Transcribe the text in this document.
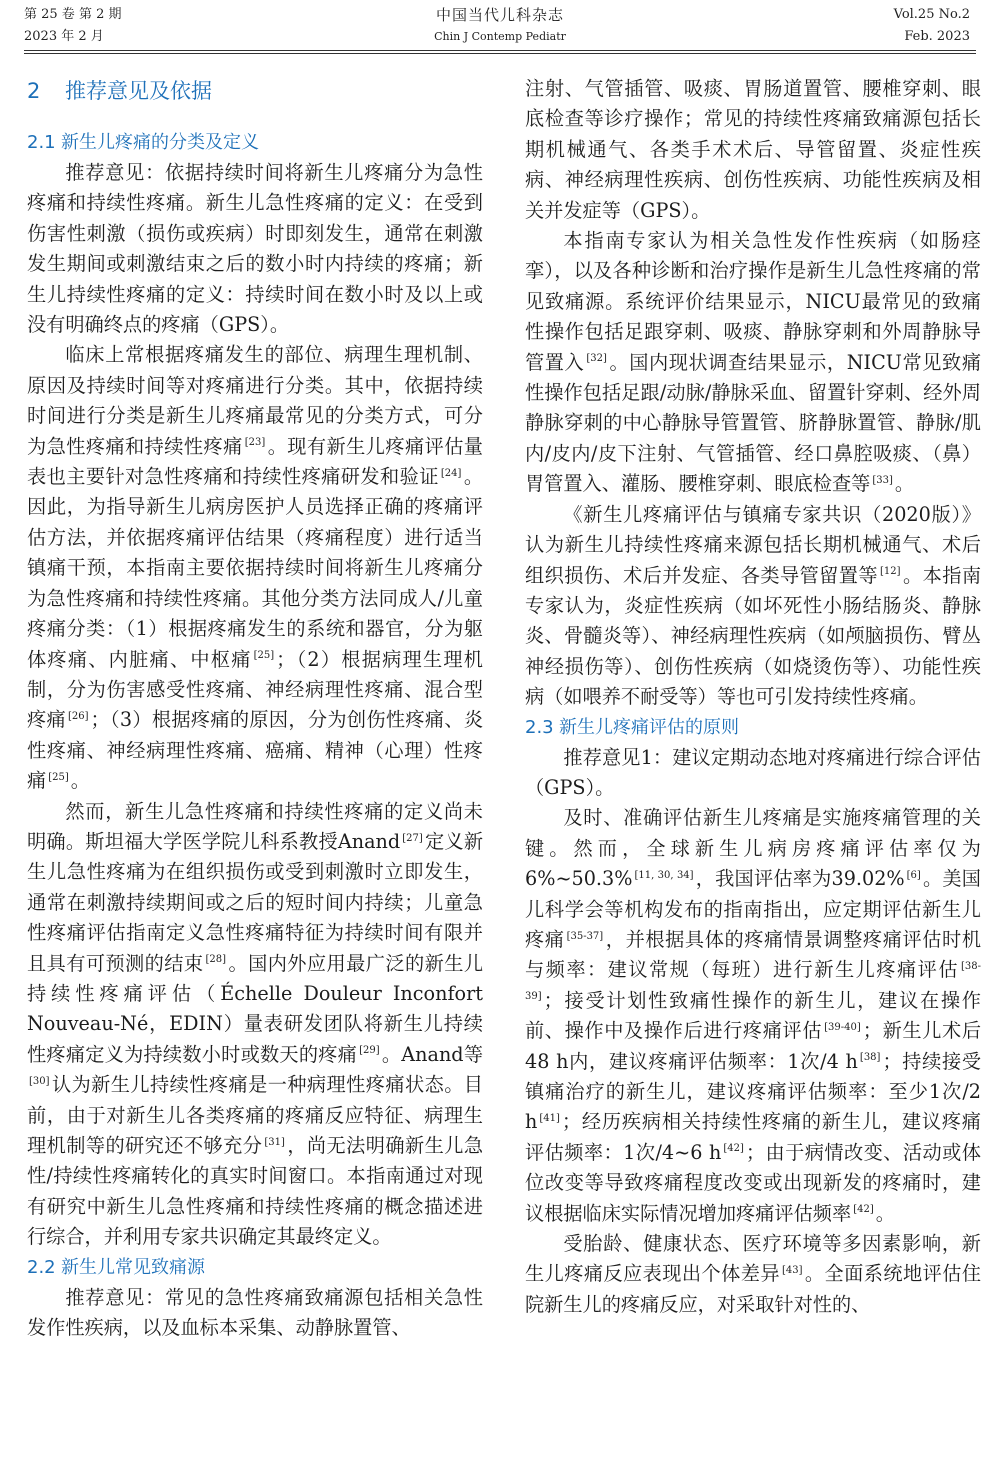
第 25 卷 第 2 期
2023 年 2 月
中国当代儿科杂志
Chin J Contemp Pediatr
Vol.25 No.2
Feb. 2023
2 推荐意见及依据
2.1 新生儿疼痛的分类及定义

推荐意见：依据持续时间将新生儿疼痛分为急性疼痛和持续性疼痛。新生儿急性疼痛的定义：在受到伤害性刺激（损伤或疾病）时即刻发生，通常在刺激发生期间或刺激结束之后的数小时内持续的疼痛；新生儿持续性疼痛的定义：持续时间在数小时及以上或没有明确终点的疼痛（GPS）。

临床上常根据疼痛发生的部位、病理生理机制、原因及持续时间等对疼痛进行分类。其中，依据持续时间进行分类是新生儿疼痛最常见的分类方式，可分为急性疼痛和持续性疼痛 [23] 。现有新生儿疼痛评估量表也主要针对急性疼痛和持续性疼痛研发和验证 [24] 。因此，为指导新生儿病房医护人员选择正确的疼痛评估方法，并依据疼痛评估结果（疼痛程度）进行适当镇痛干预，本指南主要依据持续时间将新生儿疼痛分为急性疼痛和持续性疼痛。其他分类方法同成人/儿童疼痛分类：（1）根据疼痛发生的系统和器官，分为躯体疼痛、内脏痛、中枢痛 [25] ；（2）根据病理生理机制，分为伤害感受性疼痛、神经病理性疼痛、混合型疼痛 [26] ；（3）根据疼痛的原因，分为创伤性疼痛、炎性疼痛、神经病理性疼痛、癌痛、精神（心理）性疼痛 [25] 。

然而，新生儿急性疼痛和持续性疼痛的定义尚未明确。斯坦福大学医学院儿科系教授Anand [27] 定义新生儿急性疼痛为在组织损伤或受到刺激时立即发生，通常在刺激持续期间或之后的短时间内持续；儿童急性疼痛评估指南定义急性疼痛特征为持续时间有限并且具有可预测的结束 [28] 。国内外应用最广泛的新生儿持续性疼痛评估（Échelle Douleur Inconfort Nouveau-Né，EDIN）量表研发团队将新生儿持续性疼痛定义为持续数小时或数天的疼痛 [29] 。Anand等[30] 认为新生儿持续性疼痛是一种病理性疼痛状态。目前，由于对新生儿各类疼痛的疼痛反应特征、病理生理机制等的研究还不够充分 [31] ，尚无法明确新生儿急性/持续性疼痛转化的真实时间窗口。本指南通过对现有研究中新生儿急性疼痛和持续性疼痛的概念描述进行综合，并利用专家共识确定其最终定义。

2.2 新生儿常见致痛源

推荐意见：常见的急性疼痛致痛源包括相关急性发作性疾病，以及血标本采集、动静脉置管、

注射、气管插管、吸痰、胃肠道置管、腰椎穿刺、眼底检查等诊疗操作；常见的持续性疼痛致痛源包括长期机械通气、各类手术术后、导管留置、炎症性疾病、神经病理性疾病、创伤性疾病、功能性疾病及相关并发症等（GPS）。

本指南专家认为相关急性发作性疾病（如肠痉挛），以及各种诊断和治疗操作是新生儿急性疼痛的常见致痛源。系统评价结果显示，NICU最常见的致痛性操作包括足跟穿刺、吸痰、静脉穿刺和外周静脉导管置入 [32] 。国内现状调查结果显示，NICU常见致痛性操作包括足跟/动脉/静脉采血、留置针穿刺、经外周静脉穿刺的中心静脉导管置管、脐静脉置管、静脉/肌内/皮内/皮下注射、气管插管、经口鼻腔吸痰、（鼻）胃管置入、灌肠、腰椎穿刺、眼底检查等 [33] 。

《新生儿疼痛评估与镇痛专家共识（2020版）》认为新生儿持续性疼痛来源包括长期机械通气、术后组织损伤、术后并发症、各类导管留置等 [12] 。本指南专家认为，炎症性疾病（如坏死性小肠结肠炎、静脉炎、骨髓炎等）、神经病理性疾病（如颅脑损伤、臂丛神经损伤等）、创伤性疾病（如烧烫伤等）、功能性疾病（如喂养不耐受等）等也可引发持续性疼痛。

2.3 新生儿疼痛评估的原则

推荐意见1：建议定期动态地对疼痛进行综合评估（GPS）。

及时、准确评估新生儿疼痛是实施疼痛管理的关键。然而，全球新生儿病房疼痛评估率仅为6%~50.3% [11, 30, 34] ，我国评估率为39.02% [6] 。美国儿科学会等机构发布的指南指出，应定期评估新生儿疼痛 [35-37] ，并根据具体的疼痛情景调整疼痛评估时机与频率：建议常规（每班）进行新生儿疼痛评估 [38-39] ；接受计划性致痛性操作的新生儿，建议在操作前、操作中及操作后进行疼痛评估 [39-40] ；新生儿术后48 h内，建议疼痛评估频率：1次/4 h [38] ；持续接受镇痛治疗的新生儿，建议疼痛评估频率：至少1次/2 h [41] ；经历疾病相关持续性疼痛的新生儿，建议疼痛评估频率：1次/4~6 h [42] ；由于病情改变、活动或体位改变等导致疼痛程度改变或出现新发的疼痛时，建议根据临床实际情况增加疼痛评估频率 [42] 。

受胎龄、健康状态、医疗环境等多因素影响，新生儿疼痛反应表现出个体差异 [43] 。全面系统地评估住院新生儿的疼痛反应，对采取针对性的、
